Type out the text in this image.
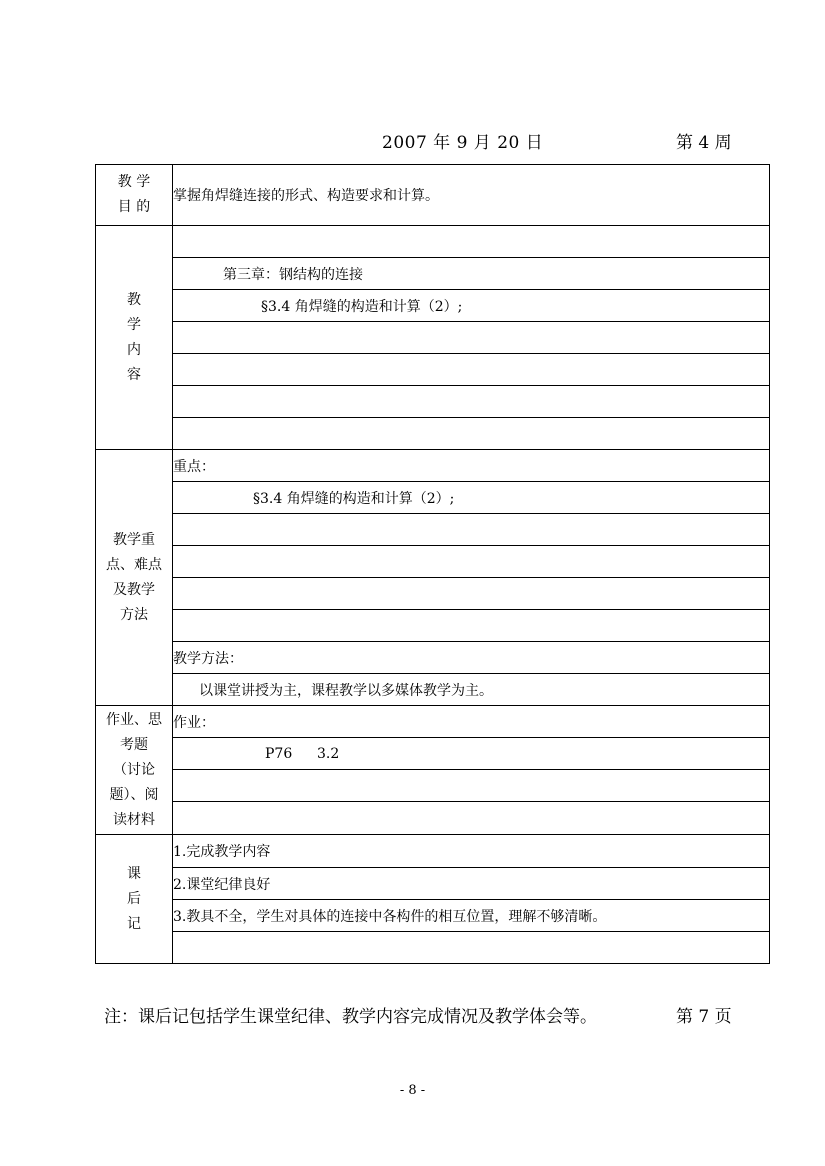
2007 年 9 月 20 日	第 4 周
教 学
目 的	掌握角焊缝连接的形式、构造要求和计算。

教
学
内
容	

	第三章：钢结构的连接
	§3.4 角焊缝的构造和计算（2）;

教学重
点、难点
及教学
方法	重点：
	§3.4 角焊缝的构造和计算（2）;

	教学方法：
	以课堂讲授为主，课程教学以多媒体教学为主。

作业、思
考题
（讨论
题）、阅
读材料	作业：
	P76 3.2

课
后
记	1.完成教学内容
	2.课堂纪律良好
	3.教具不全，学生对具体的连接中各构件的相互位置，理解不够清晰。

注：课后记包括学生课堂纪律、教学内容完成情况及教学体会等。	第 7 页
- 8 -
